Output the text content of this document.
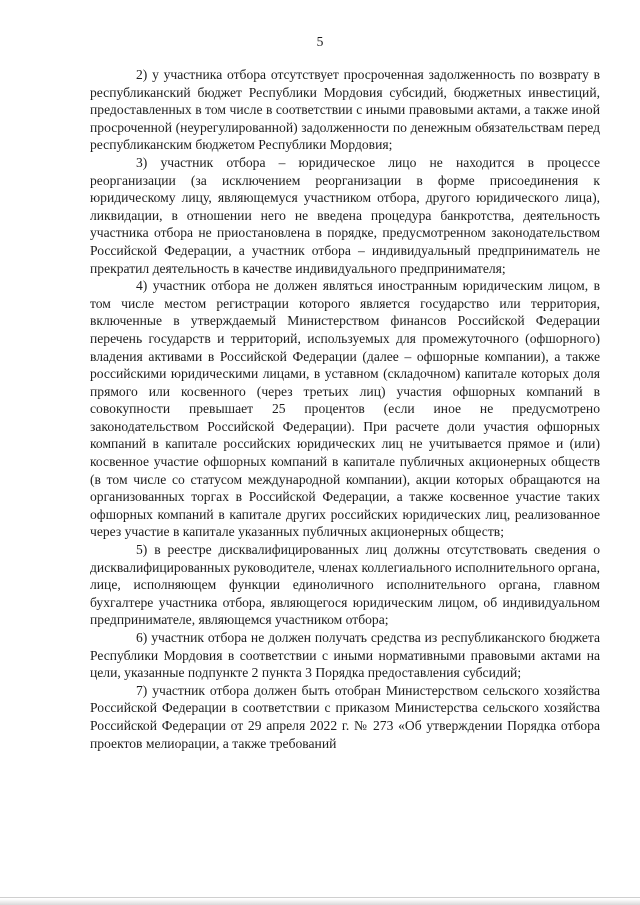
5

2) у участника отбора отсутствует просроченная задолженность по возврату в республиканский бюджет Республики Мордовия субсидий, бюджетных инвестиций, предоставленных в том числе в соответствии с иными правовыми актами, а также иной просроченной (неурегулированной) задолженности по денежным обязательствам перед республиканским бюджетом Республики Мордовия;

3) участник отбора – юридическое лицо не находится в процессе реорганизации (за исключением реорганизации в форме присоединения к юридическому лицу, являющемуся участником отбора, другого юридического лица), ликвидации, в отношении него не введена процедура банкротства, деятельность участника отбора не приостановлена в порядке, предусмотренном законодательством Российской Федерации, а участник отбора – индивидуальный предприниматель не прекратил деятельность в качестве индивидуального предпринимателя;

4) участник отбора не должен являться иностранным юридическим лицом, в том числе местом регистрации которого является государство или территория, включенные в утверждаемый Министерством финансов Российской Федерации перечень государств и территорий, используемых для промежуточного (офшорного) владения активами в Российской Федерации (далее – офшорные компании), а также российскими юридическими лицами, в уставном (складочном) капитале которых доля прямого или косвенного (через третьих лиц) участия офшорных компаний в совокупности превышает 25 процентов (если иное не предусмотрено законодательством Российской Федерации). При расчете доли участия офшорных компаний в капитале российских юридических лиц не учитывается прямое и (или) косвенное участие офшорных компаний в капитале публичных акционерных обществ (в том числе со статусом международной компании), акции которых обращаются на организованных торгах в Российской Федерации, а также косвенное участие таких офшорных компаний в капитале других российских юридических лиц, реализованное через участие в капитале указанных публичных акционерных обществ;

5) в реестре дисквалифицированных лиц должны отсутствовать сведения о дисквалифицированных руководителе, членах коллегиального исполнительного органа, лице, исполняющем функции единоличного исполнительного органа, главном бухгалтере участника отбора, являющегося юридическим лицом, об индивидуальном предпринимателе, являющемся участником отбора;

6) участник отбора не должен получать средства из республиканского бюджета Республики Мордовия в соответствии с иными нормативными правовыми актами на цели, указанные подпункте 2 пункта 3 Порядка предоставления субсидий;

7) участник отбора должен быть отобран Министерством сельского хозяйства Российской Федерации в соответствии с приказом Министерства сельского хозяйства Российской Федерации от 29 апреля 2022 г. № 273 «Об утверждении Порядка отбора проектов мелиорации, а также требований
